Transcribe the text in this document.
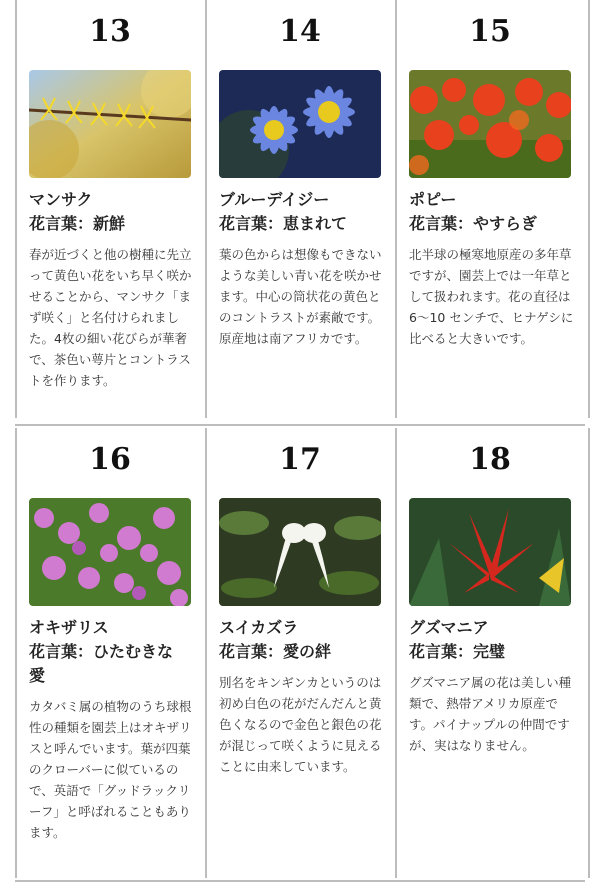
13
マンサク
花言葉：新鮮
春が近づくと他の樹種に先立って黄色い花をいち早く咲かせることから、マンサク「まず咲く」と名付けられました。4枚の細い花びらが華奢で、茶色い萼片とコントラストを作ります。
14
ブルーデイジー
花言葉：恵まれて
葉の色からは想像もできないような美しい青い花を咲かせます。中心の筒状花の黄色とのコントラストが素敵です。原産地は南アフリカです。
15
ポピー
花言葉：やすらぎ
北半球の極寒地原産の多年草ですが、園芸上では一年草として扱われます。花の直径は6〜10 センチで、ヒナゲシに比べると大きいです。
16
オキザリス
花言葉：ひたむきな愛
カタバミ属の植物のうち球根性の種類を園芸上はオキザリスと呼んでいます。葉が四葉のクローバーに似ているので、英語で「グッドラックリーフ」と呼ばれることもあります。
17
スイカズラ
花言葉：愛の絆
別名をキンギンカというのは初め白色の花がだんだんと黄色くなるので金色と銀色の花が混じって咲くように見えることに由来しています。
18
グズマニア
花言葉：完璧
グズマニア属の花は美しい種類で、熱帯アメリカ原産です。パイナップルの仲間ですが、実はなりません。
